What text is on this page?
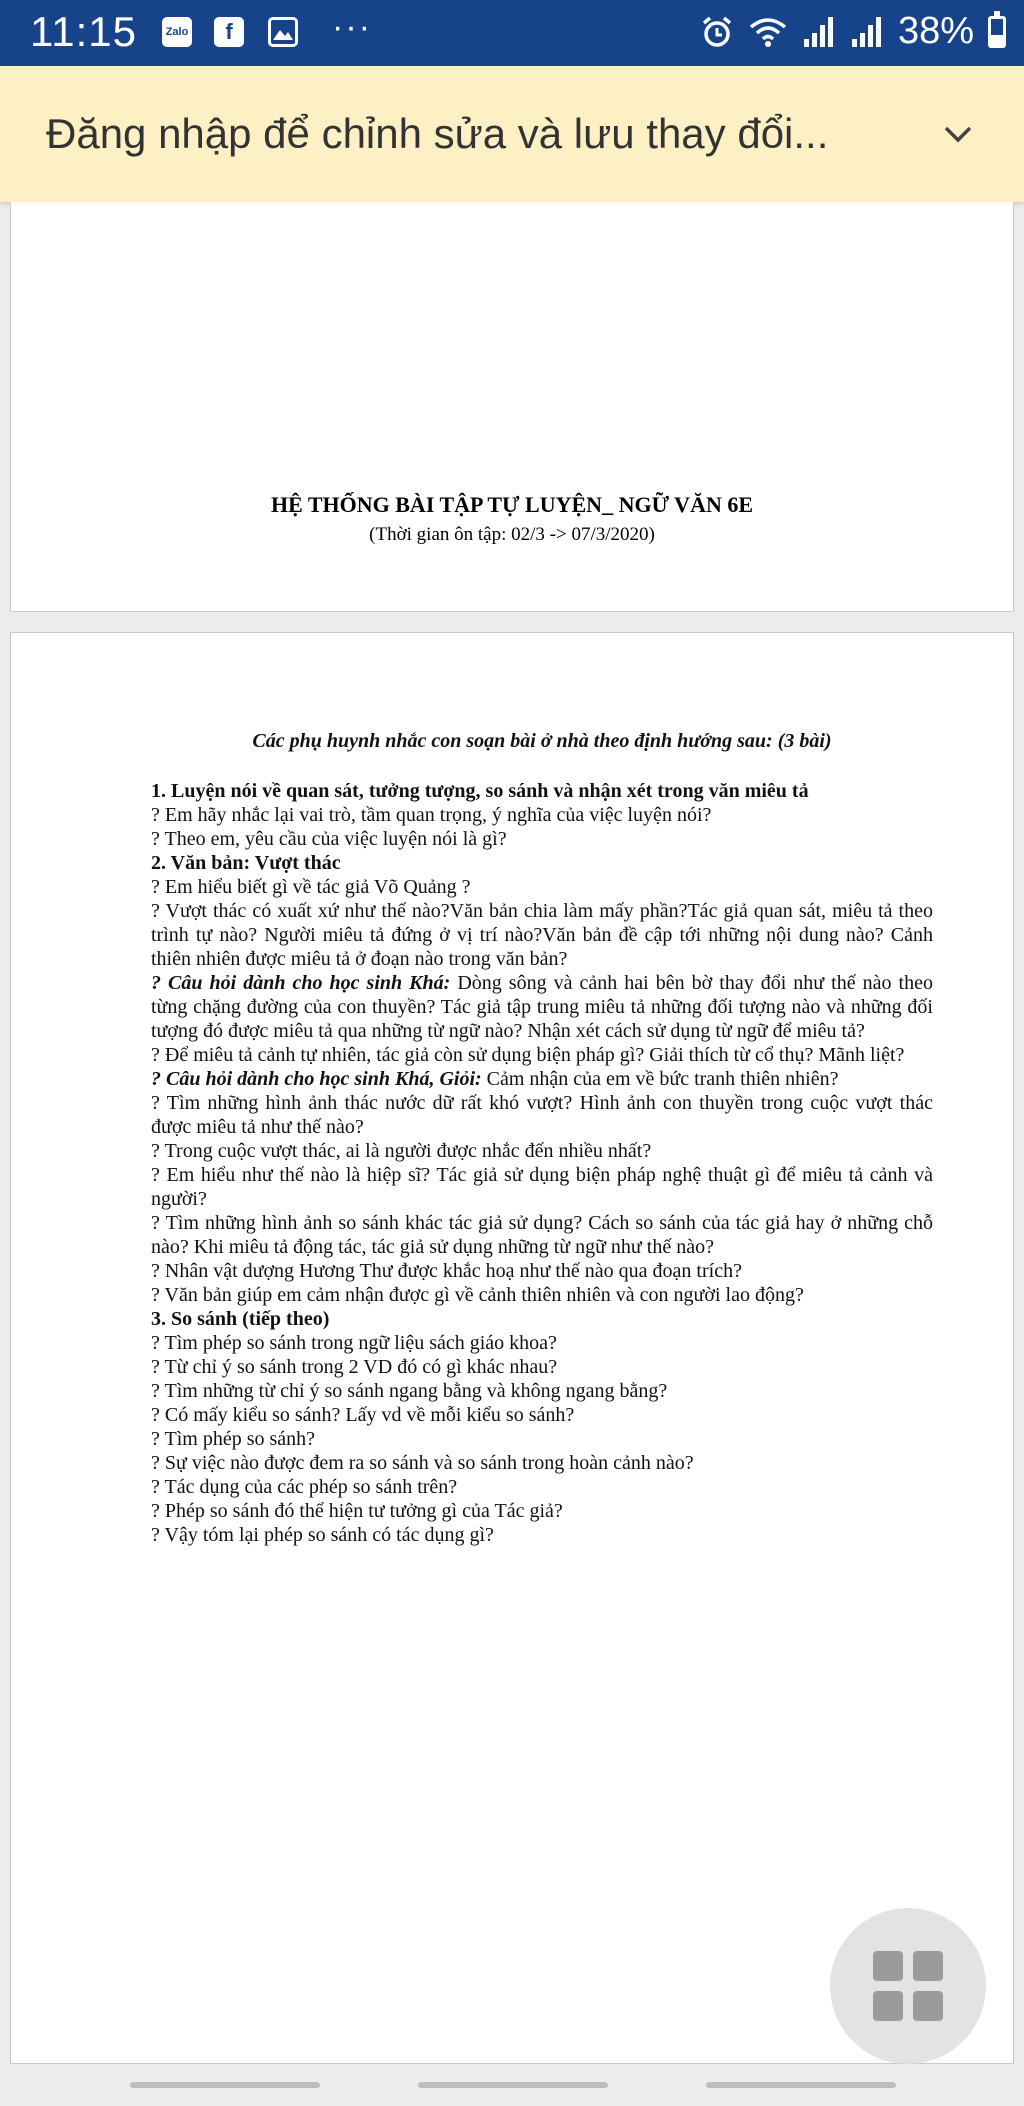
11:15	Zalo	f	···	38%
Đăng nhập để chỉnh sửa và lưu thay đổi...
HỆ THỐNG BÀI TẬP TỰ LUYỆN_ NGỮ VĂN 6E
(Thời gian ôn tập: 02/3 -> 07/3/2020)
Các phụ huynh nhắc con soạn bài ở nhà theo định hướng sau: (3 bài)
1. Luyện nói về quan sát, tưởng tượng, so sánh và nhận xét trong văn miêu tả
? Em hãy nhắc lại vai trò, tầm quan trọng, ý nghĩa của việc luyện nói?
? Theo em, yêu cầu của việc luyện nói là gì?
2. Văn bản: Vượt thác
? Em hiểu biết gì về tác giả Võ Quảng ?
? Vượt thác có xuất xứ như thế nào?Văn bản chia làm mấy phần?Tác giả quan sát, miêu tả theo trình tự nào? Người miêu tả đứng ở vị trí nào?Văn bản đề cập tới những nội dung nào? Cảnh thiên nhiên được miêu tả ở đoạn nào trong văn bản?
? Câu hỏi dành cho học sinh Khá: Dòng sông và cảnh hai bên bờ thay đổi như thế nào theo từng chặng đường của con thuyền? Tác giả tập trung miêu tả những đối tượng nào và những đối tượng đó được miêu tả qua những từ ngữ nào? Nhận xét cách sử dụng từ ngữ để miêu tả?
? Để miêu tả cảnh tự nhiên, tác giả còn sử dụng biện pháp gì? Giải thích từ cổ thụ? Mãnh liệt?
? Câu hỏi dành cho học sinh Khá, Giỏi: Cảm nhận của em về bức tranh thiên nhiên?
? Tìm những hình ảnh thác nước dữ rất khó vượt? Hình ảnh con thuyền trong cuộc vượt thác được miêu tả như thế nào?
? Trong cuộc vượt thác, ai là người được nhắc đến nhiều nhất?
? Em hiểu như thế nào là hiệp sĩ? Tác giả sử dụng biện pháp nghệ thuật gì để miêu tả cảnh và người?
? Tìm những hình ảnh so sánh khác tác giả sử dụng? Cách so sánh của tác giả hay ở những chỗ nào? Khi miêu tả động tác, tác giả sử dụng những từ ngữ như thế nào?
? Nhân vật dượng Hương Thư được khắc hoạ như thế nào qua đoạn trích?
? Văn bản giúp em cảm nhận được gì về cảnh thiên nhiên và con người lao động?
3. So sánh (tiếp theo)
? Tìm phép so sánh trong ngữ liệu sách giáo khoa?
? Từ chỉ ý so sánh trong 2 VD đó có gì khác nhau?
? Tìm những từ chỉ ý so sánh ngang bằng và không ngang bằng?
? Có mấy kiểu so sánh? Lấy vd về mỗi kiểu so sánh?
? Tìm phép so sánh?
? Sự việc nào được đem ra so sánh và so sánh trong hoàn cảnh nào?
? Tác dụng của các phép so sánh trên?
? Phép so sánh đó thể hiện tư tưởng gì của Tác giả?
? Vậy tóm lại phép so sánh có tác dụng gì?
